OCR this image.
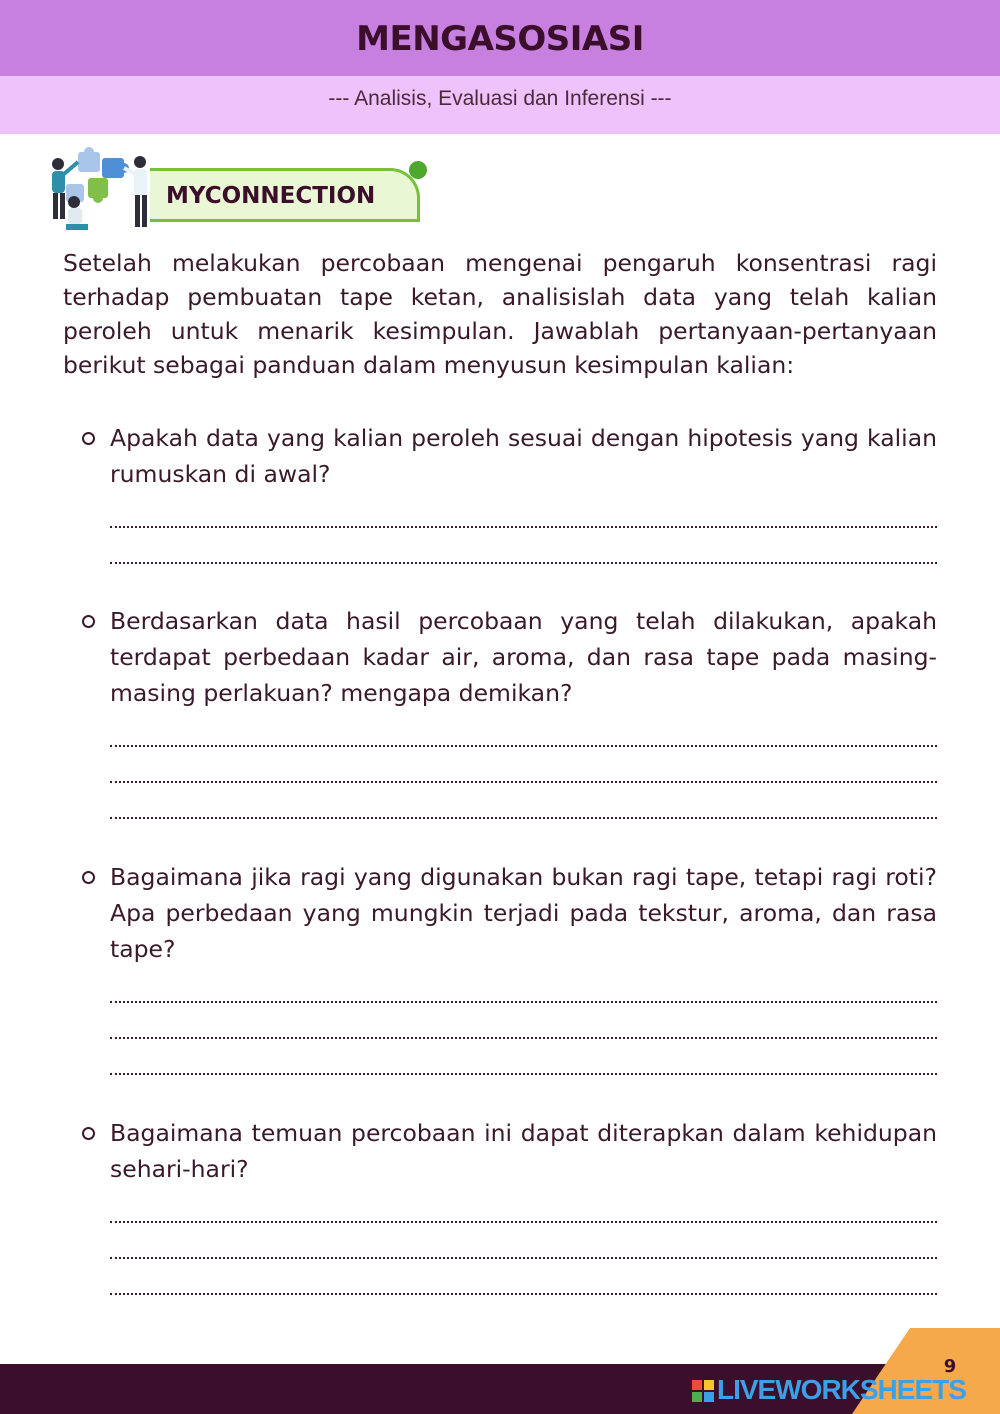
MENGASOSIASI
--- Analisis, Evaluasi dan Inferensi ---
MYCONNECTION

Setelah melakukan percobaan mengenai pengaruh konsentrasi ragi terhadap pembuatan tape ketan, analisislah data yang telah kalian peroleh untuk menarik kesimpulan. Jawablah pertanyaan-pertanyaan berikut sebagai panduan dalam menyusun kesimpulan kalian:

Apakah data yang kalian peroleh sesuai dengan hipotesis yang kalian rumuskan di awal?

Berdasarkan data hasil percobaan yang telah dilakukan, apakah terdapat perbedaan kadar air, aroma, dan rasa tape pada masing-masing perlakuan? mengapa demikan?

Bagaimana jika ragi yang digunakan bukan ragi tape, tetapi ragi roti? Apa perbedaan yang mungkin terjadi pada tekstur, aroma, dan rasa tape?

Bagaimana temuan percobaan ini dapat diterapkan dalam kehidupan sehari-hari?

9
LIVEWORKSHEETS
